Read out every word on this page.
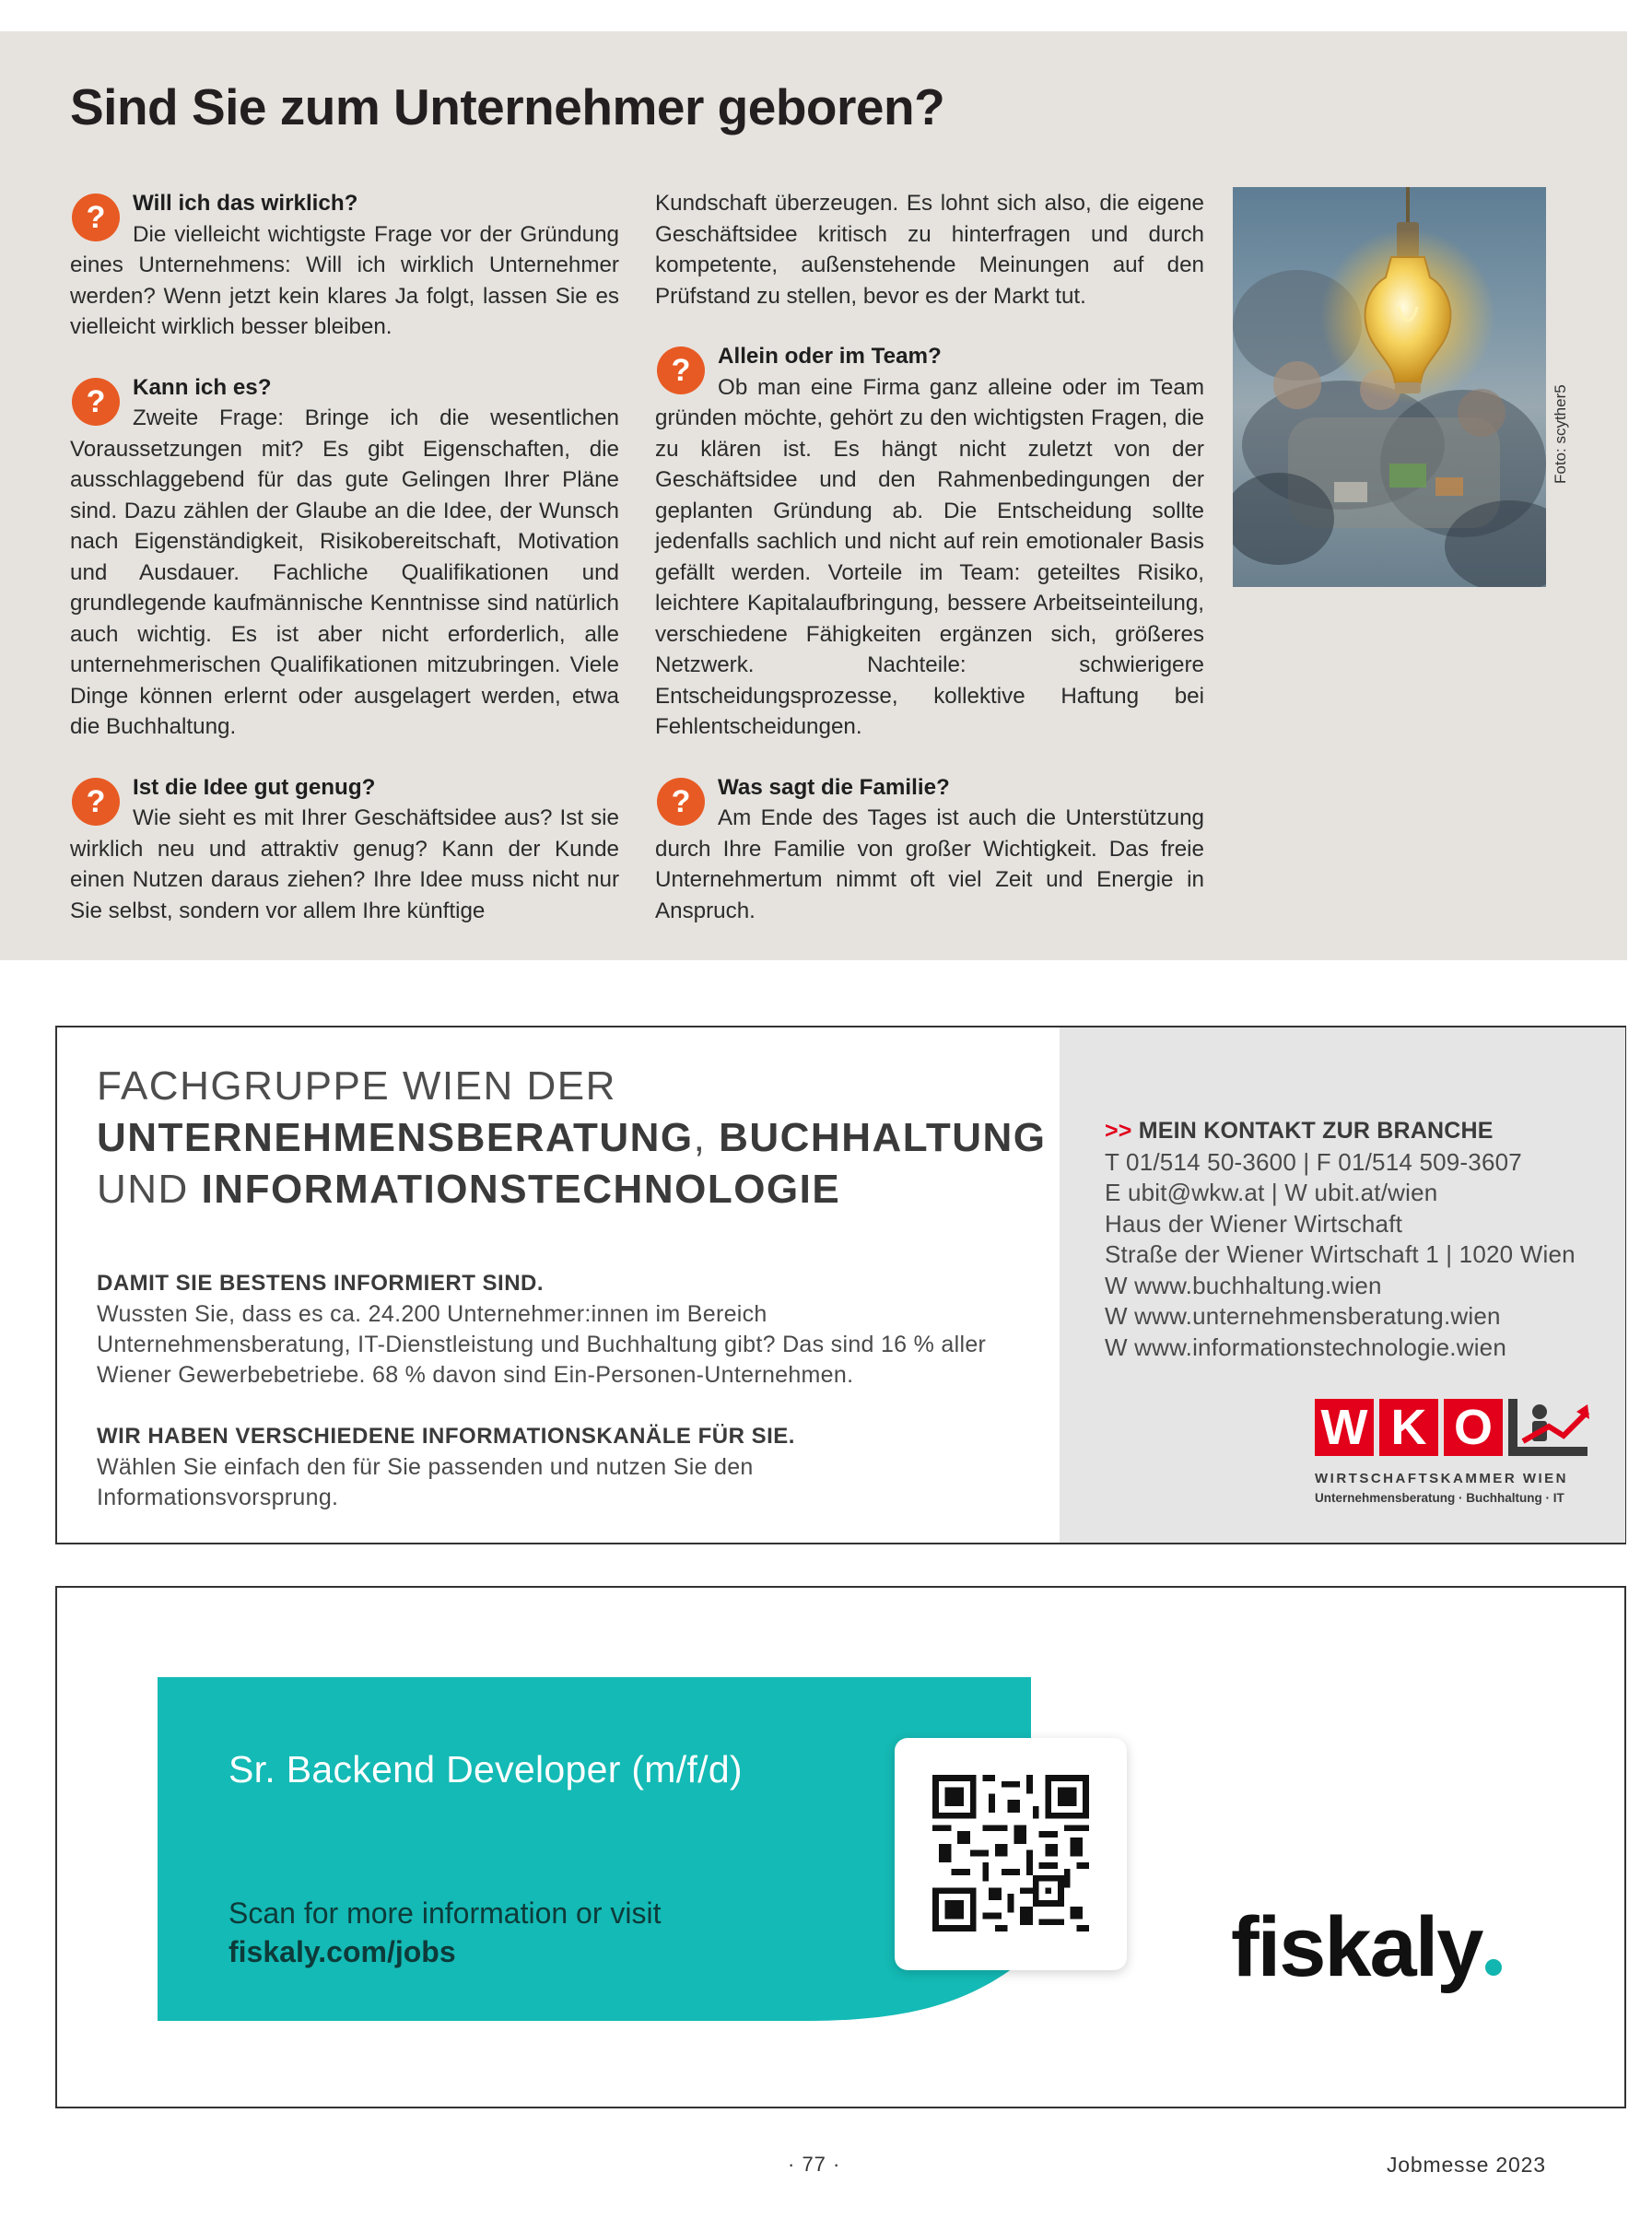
Sind Sie zum Unternehmer geboren?
?	Will ich das wirklich?

Die vielleicht wichtigste Frage vor der Gründung eines Unternehmens: Will ich wirklich Unternehmer werden? Wenn jetzt kein klares Ja folgt, lassen Sie es vielleicht wirklich besser bleiben.

?	Kann ich es?

Zweite Frage: Bringe ich die wesentlichen Voraussetzungen mit? Es gibt Eigenschaften, die ausschlaggebend für das gute Gelingen Ihrer Pläne sind. Dazu zählen der Glaube an die Idee, der Wunsch nach Eigenständigkeit, Risikobereitschaft, Motivation und Ausdauer. Fachliche Qualifikationen und grundlegende kaufmännische Kenntnisse sind natürlich auch wichtig. Es ist aber nicht erforderlich, alle unternehmerischen Qualifikationen mitzubringen. Viele Dinge können erlernt oder ausgelagert werden, etwa die Buchhaltung.

?	Ist die Idee gut genug?

Wie sieht es mit Ihrer Geschäftsidee aus? Ist sie wirklich neu und attraktiv genug? Kann der Kunde einen Nutzen daraus ziehen? Ihre Idee muss nicht nur Sie selbst, sondern vor allem Ihre künftige

Kundschaft überzeugen. Es lohnt sich also, die eigene Geschäftsidee kritisch zu hinterfragen und durch kompetente, außenstehende Meinungen auf den Prüfstand zu stellen, bevor es der Markt tut.

?	Allein oder im Team?

Ob man eine Firma ganz alleine oder im Team gründen möchte, gehört zu den wichtigsten Fragen, die zu klären ist. Es hängt nicht zuletzt von der Geschäftsidee und den Rahmenbedingungen der geplanten Gründung ab. Die Entscheidung sollte jedenfalls sachlich und nicht auf rein emotionaler Basis gefällt werden. Vorteile im Team: geteiltes Risiko, leichtere Kapitalaufbringung, bessere Arbeitseinteilung, verschiedene Fähigkeiten ergänzen sich, größeres Netzwerk. Nachteile: schwierigere Entscheidungsprozesse, kollektive Haftung bei Fehlentscheidungen.

?	Was sagt die Familie?

Am Ende des Tages ist auch die Unterstützung durch Ihre Familie von großer Wichtigkeit. Das freie Unternehmertum nimmt oft viel Zeit und Energie in Anspruch.

Foto: scyther5
FACHGRUPPE WIEN DER
UNTERNEHMENSBERATUNG, BUCHHALTUNG
UND INFORMATIONSTECHNOLOGIE
DAMIT SIE BESTENS INFORMIERT SIND.

Wussten Sie, dass es ca. 24.200 Unternehmer:innen im Bereich Unternehmensberatung, IT-Dienstleistung und Buchhaltung gibt? Das sind 16 % aller Wiener Gewerbebetriebe. 68 % davon sind Ein-Personen-Unternehmen.

WIR HABEN VERSCHIEDENE INFORMATIONSKANÄLE FÜR SIE.

Wählen Sie einfach den für Sie passenden und nutzen Sie den Informationsvorsprung.

>> MEIN KONTAKT ZUR BRANCHE
T 01/514 50-3600 | F 01/514 509-3607
E ubit@wkw.at | W ubit.at/wien
Haus der Wiener Wirtschaft
Straße der Wiener Wirtschaft 1 | 1020 Wien
W www.buchhaltung.wien
W www.unternehmensberatung.wien
W www.informationstechnologie.wien
W K O
WIRTSCHAFTSKAMMER WIEN
Unternehmensberatung · Buchhaltung · IT
Sr. Backend Developer (m/f/d)
Scan for more information or visit
fiskaly.com/jobs	fiskaly
· 77 ·	Jobmesse 2023
